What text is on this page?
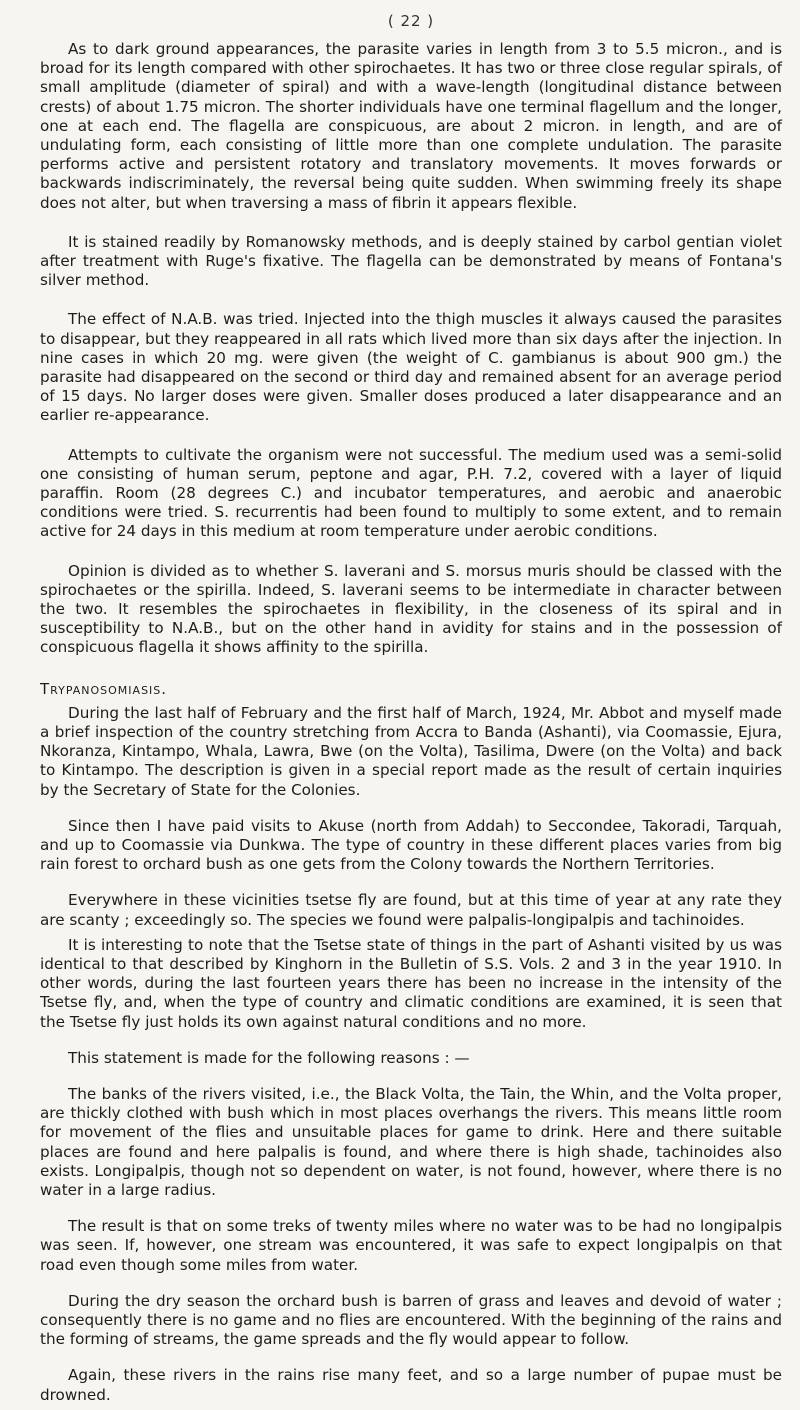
( 22 )

As to dark ground appearances, the parasite varies in length from 3 to 5.5 micron., and is broad for its length compared with other spirochaetes. It has two or three close regular spirals, of small amplitude (diameter of spiral) and with a wave-length (longitudinal distance between crests) of about 1.75 micron. The shorter individuals have one terminal flagellum and the longer, one at each end. The flagella are conspicuous, are about 2 micron. in length, and are of undulating form, each consisting of little more than one complete undulation. The parasite performs active and persistent rotatory and translatory movements. It moves forwards or backwards indiscriminately, the reversal being quite sudden. When swimming freely its shape does not alter, but when traversing a mass of fibrin it appears flexible.

It is stained readily by Romanowsky methods, and is deeply stained by carbol gentian violet after treatment with Ruge's fixative. The flagella can be demonstrated by means of Fontana's silver method.

The effect of N.A.B. was tried. Injected into the thigh muscles it always caused the parasites to disappear, but they reappeared in all rats which lived more than six days after the injection. In nine cases in which 20 mg. were given (the weight of C. gambianus is about 900 gm.) the parasite had disappeared on the second or third day and remained absent for an average period of 15 days. No larger doses were given. Smaller doses produced a later disappearance and an earlier re-appearance.

Attempts to cultivate the organism were not successful. The medium used was a semi-solid one consisting of human serum, peptone and agar, P.H. 7.2, covered with a layer of liquid paraffin. Room (28 degrees C.) and incubator temperatures, and aerobic and anaerobic conditions were tried. S. recurrentis had been found to multiply to some extent, and to remain active for 24 days in this medium at room temperature under aerobic conditions.

Opinion is divided as to whether S. laverani and S. morsus muris should be classed with the spirochaetes or the spirilla. Indeed, S. laverani seems to be intermediate in character between the two. It resembles the spirochaetes in flexibility, in the closeness of its spiral and in susceptibility to N.A.B., but on the other hand in avidity for stains and in the possession of conspicuous flagella it shows affinity to the spirilla.

Trypanosomiasis.

During the last half of February and the first half of March, 1924, Mr. Abbot and myself made a brief inspection of the country stretching from Accra to Banda (Ashanti), via Coomassie, Ejura, Nkoranza, Kintampo, Whala, Lawra, Bwe (on the Volta), Tasilima, Dwere (on the Volta) and back to Kintampo. The description is given in a special report made as the result of certain inquiries by the Secretary of State for the Colonies.

Since then I have paid visits to Akuse (north from Addah) to Seccondee, Takoradi, Tarquah, and up to Coomassie via Dunkwa. The type of country in these different places varies from big rain forest to orchard bush as one gets from the Colony towards the Northern Territories.

Everywhere in these vicinities tsetse fly are found, but at this time of year at any rate they are scanty ; exceedingly so. The species we found were palpalis-longipalpis and tachinoides.

It is interesting to note that the Tsetse state of things in the part of Ashanti visited by us was identical to that described by Kinghorn in the Bulletin of S.S. Vols. 2 and 3 in the year 1910. In other words, during the last fourteen years there has been no increase in the intensity of the Tsetse fly, and, when the type of country and climatic conditions are examined, it is seen that the Tsetse fly just holds its own against natural conditions and no more.

This statement is made for the following reasons : —

The banks of the rivers visited, i.e., the Black Volta, the Tain, the Whin, and the Volta proper, are thickly clothed with bush which in most places overhangs the rivers. This means little room for movement of the flies and unsuitable places for game to drink. Here and there suitable places are found and here palpalis is found, and where there is high shade, tachinoides also exists. Longipalpis, though not so dependent on water, is not found, however, where there is no water in a large radius.

The result is that on some treks of twenty miles where no water was to be had no longipalpis was seen. If, however, one stream was encountered, it was safe to expect longipalpis on that road even though some miles from water.

During the dry season the orchard bush is barren of grass and leaves and devoid of water ; consequently there is no game and no flies are encountered. With the beginning of the rains and the forming of streams, the game spreads and the fly would appear to follow.

Again, these rivers in the rains rise many feet, and so a large number of pupae must be drowned.
